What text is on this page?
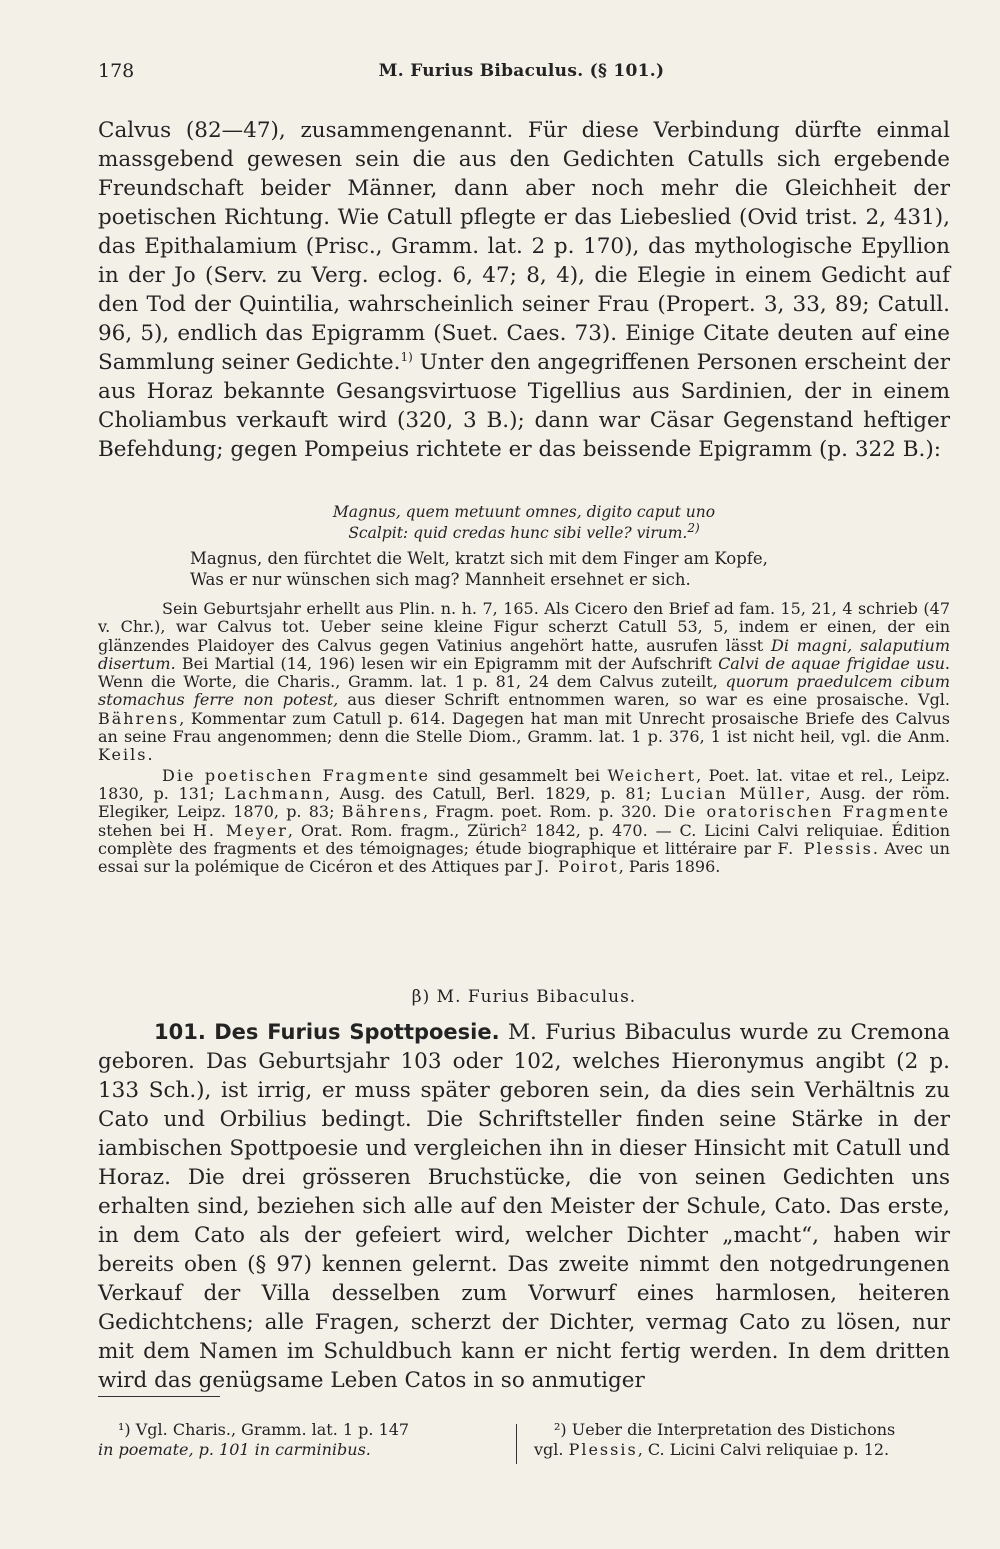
178	M. Furius Bibaculus. (§ 101.)

Calvus (82—47), zusammengenannt. Für diese Verbindung dürfte einmal massgebend gewesen sein die aus den Gedichten Catulls sich ergebende Freundschaft beider Männer, dann aber noch mehr die Gleichheit der poetischen Richtung. Wie Catull pflegte er das Liebeslied (Ovid trist. 2, 431), das Epithalamium (Prisc., Gramm. lat. 2 p. 170), das mythologische Epyllion in der Jo (Serv. zu Verg. eclog. 6, 47; 8, 4), die Elegie in einem Gedicht auf den Tod der Quintilia, wahrscheinlich seiner Frau (Propert. 3, 33, 89; Catull. 96, 5), endlich das Epigramm (Suet. Caes. 73). Einige Citate deuten auf eine Sammlung seiner Gedichte.$^{1)}$ Unter den angegriffenen Personen erscheint der aus Horaz bekannte Gesangsvirtuose Tigellius aus Sardinien, der in einem Choliambus verkauft wird (320, 3 B.); dann war Cäsar Gegenstand heftiger Befehdung; gegen Pompeius richtete er das beissende Epigramm (p. 322 B.):

Magnus, quem metuunt omnes, digito caput uno
Scalpit: quid credas hunc sibi velle? virum.$^{2)}$
Magnus, den fürchtet die Welt, kratzt sich mit dem Finger am Kopfe,
Was er nur wünschen sich mag? Mannheit ersehnet er sich.

Sein Geburtsjahr erhellt aus Plin. n. h. 7, 165. Als Cicero den Brief ad fam. 15, 21, 4 schrieb (47 v. Chr.), war Calvus tot. Ueber seine kleine Figur scherzt Catull 53, 5, indem er einen, der ein glänzendes Plaidoyer des Calvus gegen Vatinius angehört hatte, ausrufen lässt Di magni, salaputium disertum. Bei Martial (14, 196) lesen wir ein Epigramm mit der Aufschrift Calvi de aquae frigidae usu. Wenn die Worte, die Charis., Gramm. lat. 1 p. 81, 24 dem Calvus zuteilt, quorum praedulcem cibum stomachus ferre non potest, aus dieser Schrift entnommen waren, so war es eine prosaische. Vgl. Bährens, Kommentar zum Catull p. 614. Dagegen hat man mit Unrecht prosaische Briefe des Calvus an seine Frau angenommen; denn die Stelle Diom., Gramm. lat. 1 p. 376, 1 ist nicht heil, vgl. die Anm. Keils.

Die poetischen Fragmente sind gesammelt bei Weichert, Poet. lat. vitae et rel., Leipz. 1830, p. 131; Lachmann, Ausg. des Catull, Berl. 1829, p. 81; Lucian Müller, Ausg. der röm. Elegiker, Leipz. 1870, p. 83; Bährens, Fragm. poet. Rom. p. 320. Die oratorischen Fragmente stehen bei H. Meyer, Orat. Rom. fragm., Zürich² 1842, p. 470. — C. Licini Calvi reliquiae. Édition complète des fragments et des témoignages; étude biographique et littéraire par F. Plessis. Avec un essai sur la polémique de Cicéron et des Attiques par J. Poirot, Paris 1896.

β) M. Furius Bibaculus.

101. Des Furius Spottpoesie. M. Furius Bibaculus wurde zu Cremona geboren. Das Geburtsjahr 103 oder 102, welches Hieronymus angibt (2 p. 133 Sch.), ist irrig, er muss später geboren sein, da dies sein Verhältnis zu Cato und Orbilius bedingt. Die Schriftsteller finden seine Stärke in der iambischen Spottpoesie und vergleichen ihn in dieser Hinsicht mit Catull und Horaz. Die drei grösseren Bruchstücke, die von seinen Gedichten uns erhalten sind, beziehen sich alle auf den Meister der Schule, Cato. Das erste, in dem Cato als der gefeiert wird, welcher Dichter „macht“, haben wir bereits oben (§ 97) kennen gelernt. Das zweite nimmt den notgedrungenen Verkauf der Villa desselben zum Vorwurf eines harmlosen, heiteren Gedichtchens; alle Fragen, scherzt der Dichter, vermag Cato zu lösen, nur mit dem Namen im Schuldbuch kann er nicht fertig werden. In dem dritten wird das genügsame Leben Catos in so anmutiger

¹) Vgl. Charis., Gramm. lat. 1 p. 147
in poemate, p. 101 in carminibus.
²) Ueber die Interpretation des Distichons
vgl. Plessis, C. Licini Calvi reliquiae p. 12.
